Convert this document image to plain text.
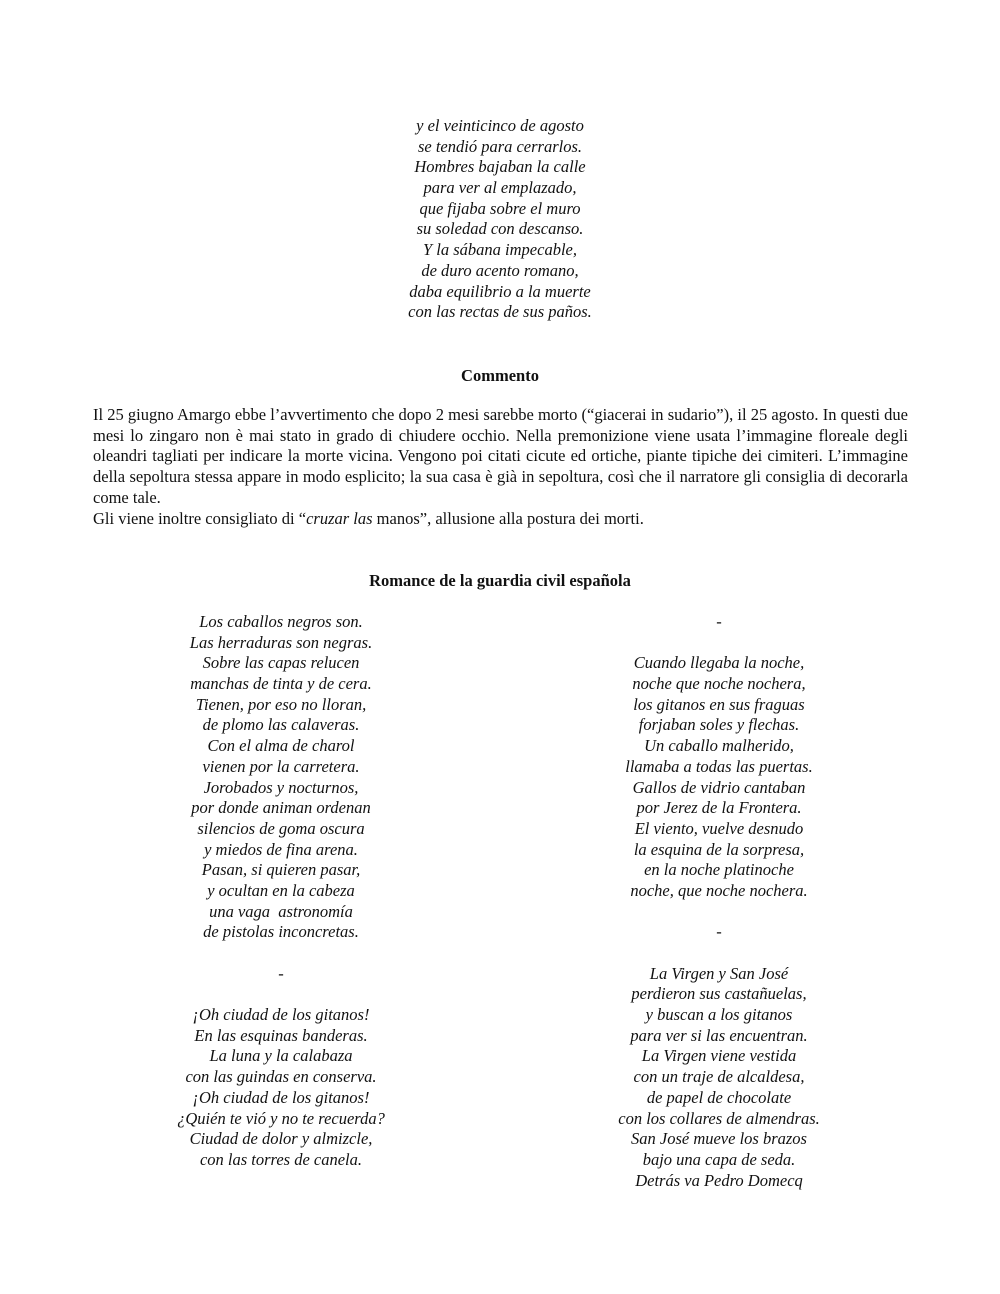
y el veinticinco de agosto
se tendió para cerrarlos.
Hombres bajaban la calle
para ver al emplazado,
que fijaba sobre el muro
su soledad con descanso.
Y la sábana impecable,
de duro acento romano,
daba equilibrio a la muerte
con las rectas de sus paños.
Commento

Il 25 giugno Amargo ebbe l’avvertimento che dopo 2 mesi sarebbe morto (“giacerai in sudario”), il 25 agosto. In questi due mesi lo zingaro non è mai stato in grado di chiudere occhio. Nella premonizione viene usata l’immagine floreale degli oleandri tagliati per indicare la morte vicina. Vengono poi citati cicute ed ortiche, piante tipiche dei cimiteri. L’immagine della sepoltura stessa appare in modo esplicito; la sua casa è già in sepoltura, così che il narratore gli consiglia di decorarla come tale.

Gli viene inoltre consigliato di “cruzar las manos”, allusione alla postura dei morti.

Romance de la guardia civil española
Los caballos negros son.
Las herraduras son negras.
Sobre las capas relucen
manchas de tinta y de cera.
Tienen, por eso no lloran,
de plomo las calaveras.
Con el alma de charol
vienen por la carretera.
Jorobados y nocturnos,
por donde animan ordenan
silencios de goma oscura
y miedos de fina arena.
Pasan, si quieren pasar,
y ocultan en la cabeza
una vaga  astronomía
de pistolas inconcretas.
-
¡Oh ciudad de los gitanos!
En las esquinas banderas.
La luna y la calabaza
con las guindas en conserva.
¡Oh ciudad de los gitanos!
¿Quién te vió y no te recuerda?
Ciudad de dolor y almizcle,
con las torres de canela.
-
Cuando llegaba la noche,
noche que noche nochera,
los gitanos en sus fraguas
forjaban soles y flechas.
Un caballo malherido,
llamaba a todas las puertas.
Gallos de vidrio cantaban
por Jerez de la Frontera.
El viento, vuelve desnudo
la esquina de la sorpresa,
en la noche platinoche
noche, que noche nochera.
-
La Virgen y San José
perdieron sus castañuelas,
y buscan a los gitanos
para ver si las encuentran.
La Virgen viene vestida
con un traje de alcaldesa,
de papel de chocolate
con los collares de almendras.
San José mueve los brazos
bajo una capa de seda.
Detrás va Pedro Domecq
